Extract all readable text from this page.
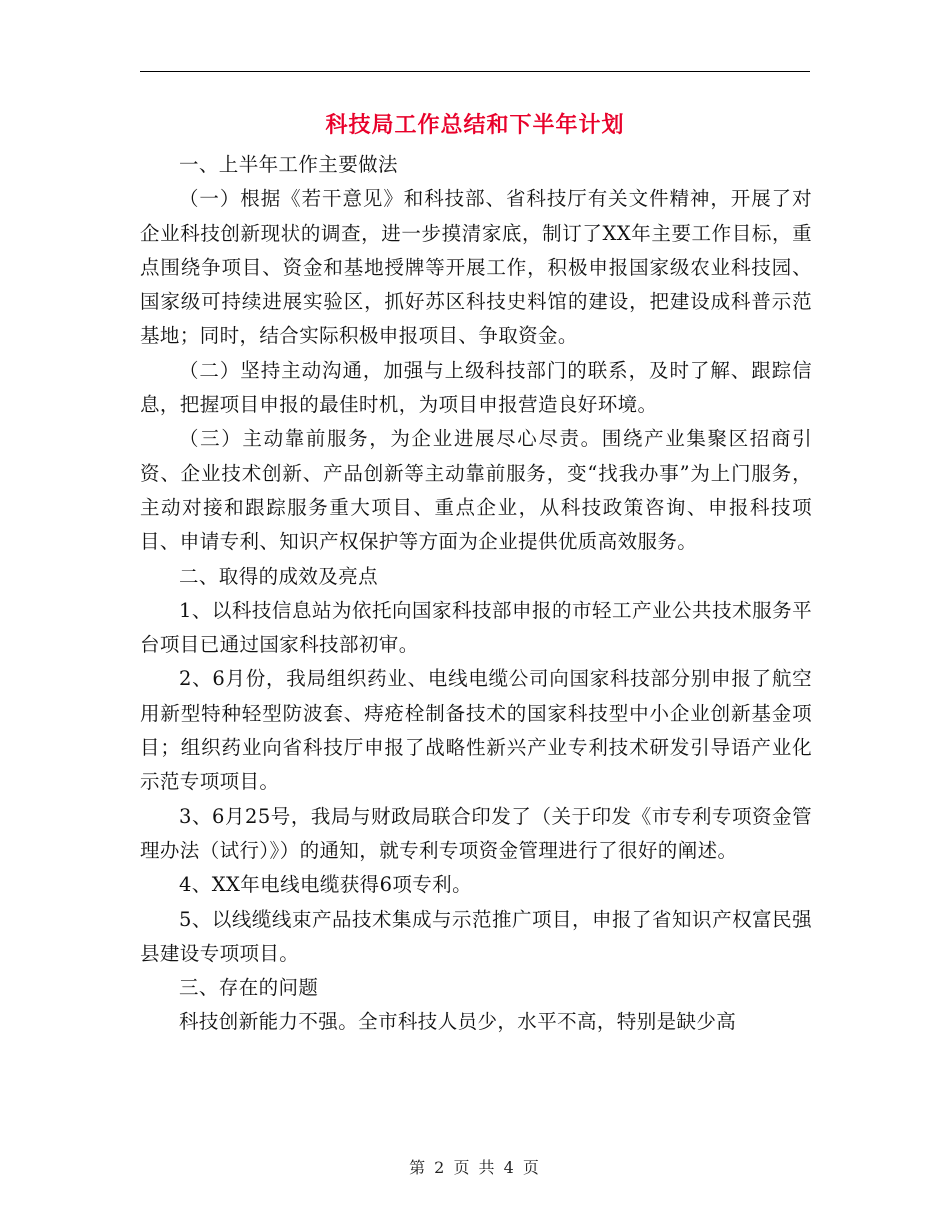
科技局工作总结和下半年计划

一、上半年工作主要做法

（一）根据《若干意见》和科技部、省科技厅有关文件精神，开展了对企业科技创新现状的调查，进一步摸清家底，制订了XX年主要工作目标，重点围绕争项目、资金和基地授牌等开展工作，积极申报国家级农业科技园、国家级可持续进展实验区，抓好苏区科技史料馆的建设，把建设成科普示范基地；同时，结合实际积极申报项目、争取资金。

（二）坚持主动沟通，加强与上级科技部门的联系，及时了解、跟踪信息，把握项目申报的最佳时机，为项目申报营造良好环境。

（三）主动靠前服务，为企业进展尽心尽责。围绕产业集聚区招商引资、企业技术创新、产品创新等主动靠前服务，变“找我办事”为上门服务，主动对接和跟踪服务重大项目、重点企业，从科技政策咨询、申报科技项目、申请专利、知识产权保护等方面为企业提供优质高效服务。

二、取得的成效及亮点

1、以科技信息站为依托向国家科技部申报的市轻工产业公共技术服务平台项目已通过国家科技部初审。

2、6月份，我局组织药业、电线电缆公司向国家科技部分别申报了航空用新型特种轻型防波套、痔疮栓制备技术的国家科技型中小企业创新基金项目；组织药业向省科技厅申报了战略性新兴产业专利技术研发引导语产业化示范专项项目。

3、6月25号，我局与财政局联合印发了（关于印发《市专利专项资金管理办法（试行）》）的通知，就专利专项资金管理进行了很好的阐述。

4、XX年电线电缆获得6项专利。

5、以线缆线束产品技术集成与示范推广项目，申报了省知识产权富民强县建设专项项目。

三、存在的问题

科技创新能力不强。全市科技人员少，水平不高，特别是缺少高

第 2 页 共 4 页
